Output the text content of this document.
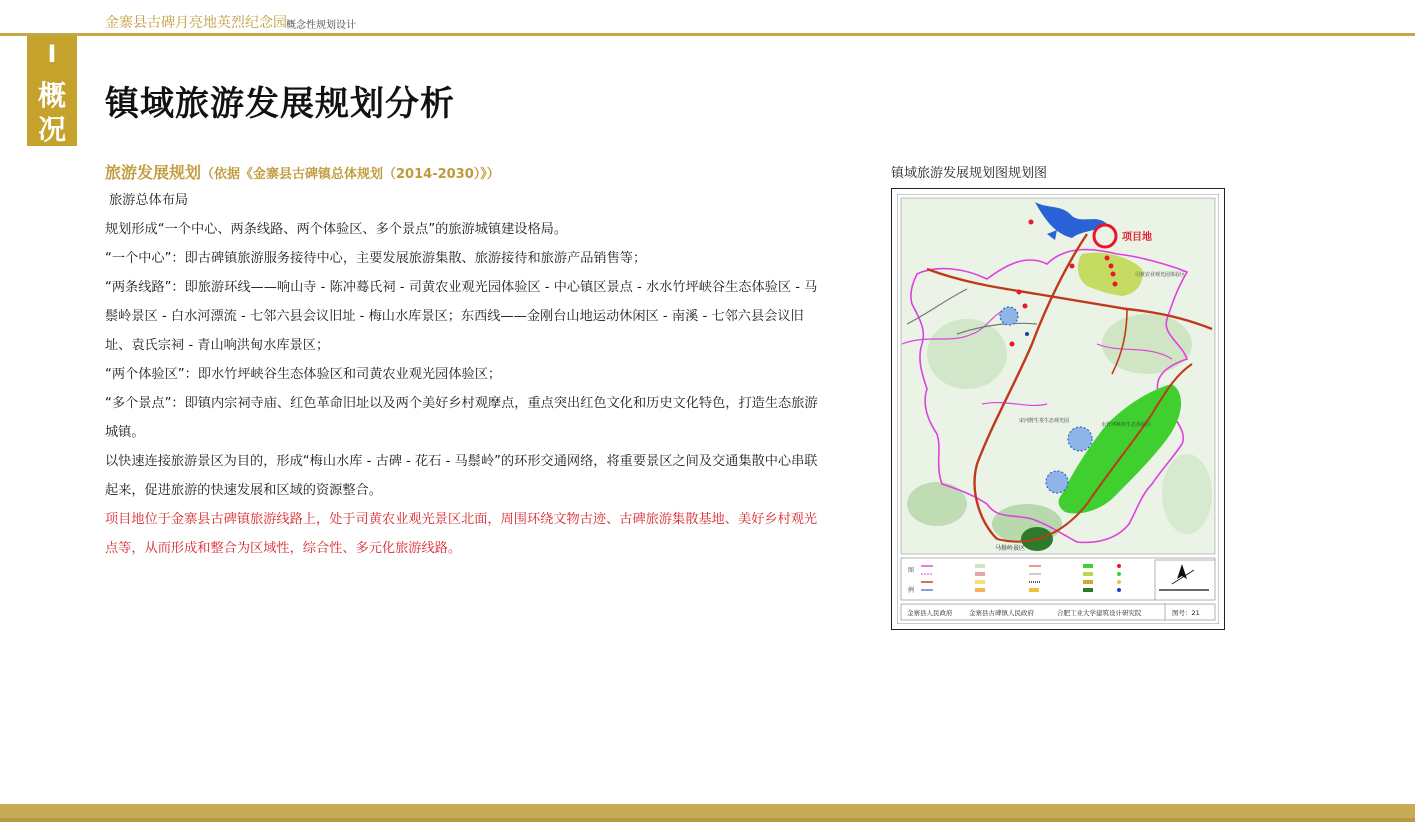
金寨县古碑月亮地英烈纪念园 概念性规划设计
I
概
况
镇域旅游发展规划分析
旅游发展规划（依据《金寨县古碑镇总体规划（2014-2030）》）

旅游总体布局

规划形成“一个中心、两条线路、两个体验区、多个景点”的旅游城镇建设格局。

“一个中心”：即古碑镇旅游服务接待中心，主要发展旅游集散、旅游接待和旅游产品销售等；

“两条线路”：即旅游环线——响山寺 - 陈冲蓦氏祠 - 司黄农业观光园体验区 - 中心镇区景点 - 水水竹坪峡谷生态体验区 - 马鬃岭景区 - 白水河漂流 - 七邻六县会议旧址 - 梅山水库景区；东西线——金刚台山地运动休闲区 - 南溪 - 七邻六县会议旧址、袁氏宗祠 - 青山响洪甸水库景区；

“两个体验区”：即水竹坪峡谷生态体验区和司黄农业观光园体验区；

“多个景点”：即镇内宗祠寺庙、红色革命旧址以及两个美好乡村观摩点，重点突出红色文化和历史文化特色，打造生态旅游城镇。

以快速连接旅游景区为目的，形成“梅山水库 - 古碑 - 花石 - 马鬃岭”的环形交通网络，将重要景区之间及交通集散中心串联起来，促进旅游的快速发展和区域的资源整合。

项目地位于金寨县古碑镇旅游线路上，处于司黄农业观光景区北面，周围环绕文物古迹、古碑旅游集散基地、美好乡村观光点等，从而形成和整合为区域性，综合性、多元化旅游线路。

镇域旅游发展规划图规划图
项目地
司黄农业观光园体验区
水竹坪峡谷生态体验区
宋河野生茶生态观光园
马鬃岭景区
图
例
金寨县人民政府	金寨县古碑镇人民政府	合肥工业大学建筑设计研究院	图号：21
